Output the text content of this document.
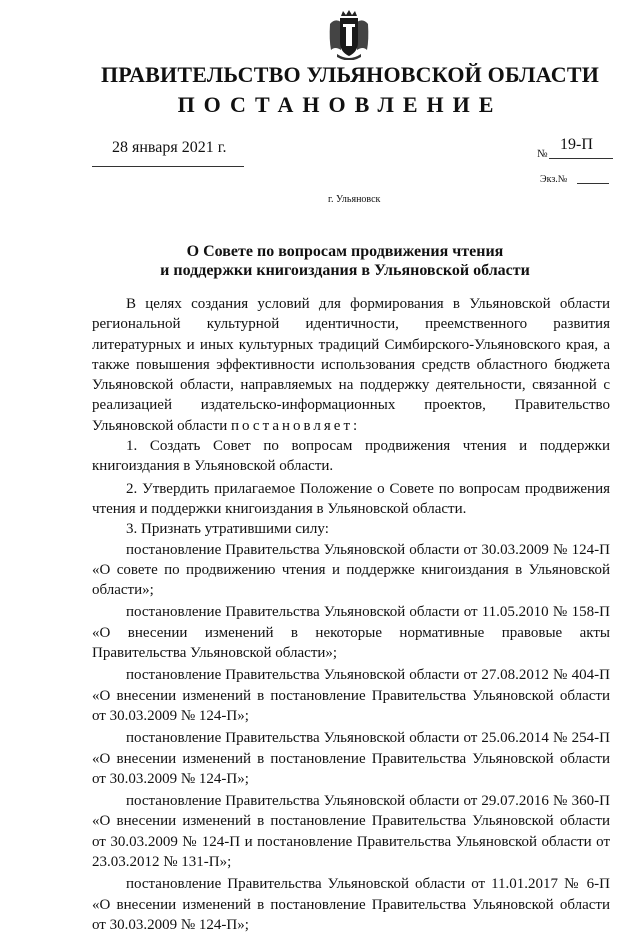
ПРАВИТЕЛЬСТВО УЛЬЯНОВСКОЙ ОБЛАСТИ
ПОСТАНОВЛЕНИЕ
28 января 2021 г.	№
19-П
Экз.№
г. Ульяновск
О Совете по вопросам продвижения чтения
и поддержки книгоиздания в Ульяновской области

В целях создания условий для формирования в Ульяновской области региональной культурной идентичности, преемственного развития литературных и иных культурных традиций Симбирского-Ульяновского края, а также повышения эффективности использования средств областного бюджета Ульяновской области, направляемых на поддержку деятельности, связанной с реализацией издательско-информационных проектов, Правительство Ульяновской области постановляет:

1. Создать Совет по вопросам продвижения чтения и поддержки книгоиздания в Ульяновской области.

2. Утвердить прилагаемое Положение о Совете по вопросам продвижения чтения и поддержки книгоиздания в Ульяновской области.

3. Признать утратившими силу:

постановление Правительства Ульяновской области от 30.03.2009 № 124-П «О совете по продвижению чтения и поддержке книгоиздания в Ульяновской области»;

постановление Правительства Ульяновской области от 11.05.2010 № 158-П «О внесении изменений в некоторые нормативные правовые акты Правительства Ульяновской области»;

постановление Правительства Ульяновской области от 27.08.2012 № 404-П «О внесении изменений в постановление Правительства Ульяновской области от 30.03.2009 № 124-П»;

постановление Правительства Ульяновской области от 25.06.2014 № 254-П «О внесении изменений в постановление Правительства Ульяновской области от 30.03.2009 № 124-П»;

постановление Правительства Ульяновской области от 29.07.2016 № 360-П «О внесении изменений в постановление Правительства Ульяновской области от 30.03.2009 № 124-П и постановление Правительства Ульяновской области от 23.03.2012 № 131-П»;

постановление Правительства Ульяновской области от 11.01.2017 № 6-П «О внесении изменений в постановление Правительства Ульяновской области от 30.03.2009 № 124-П»;
